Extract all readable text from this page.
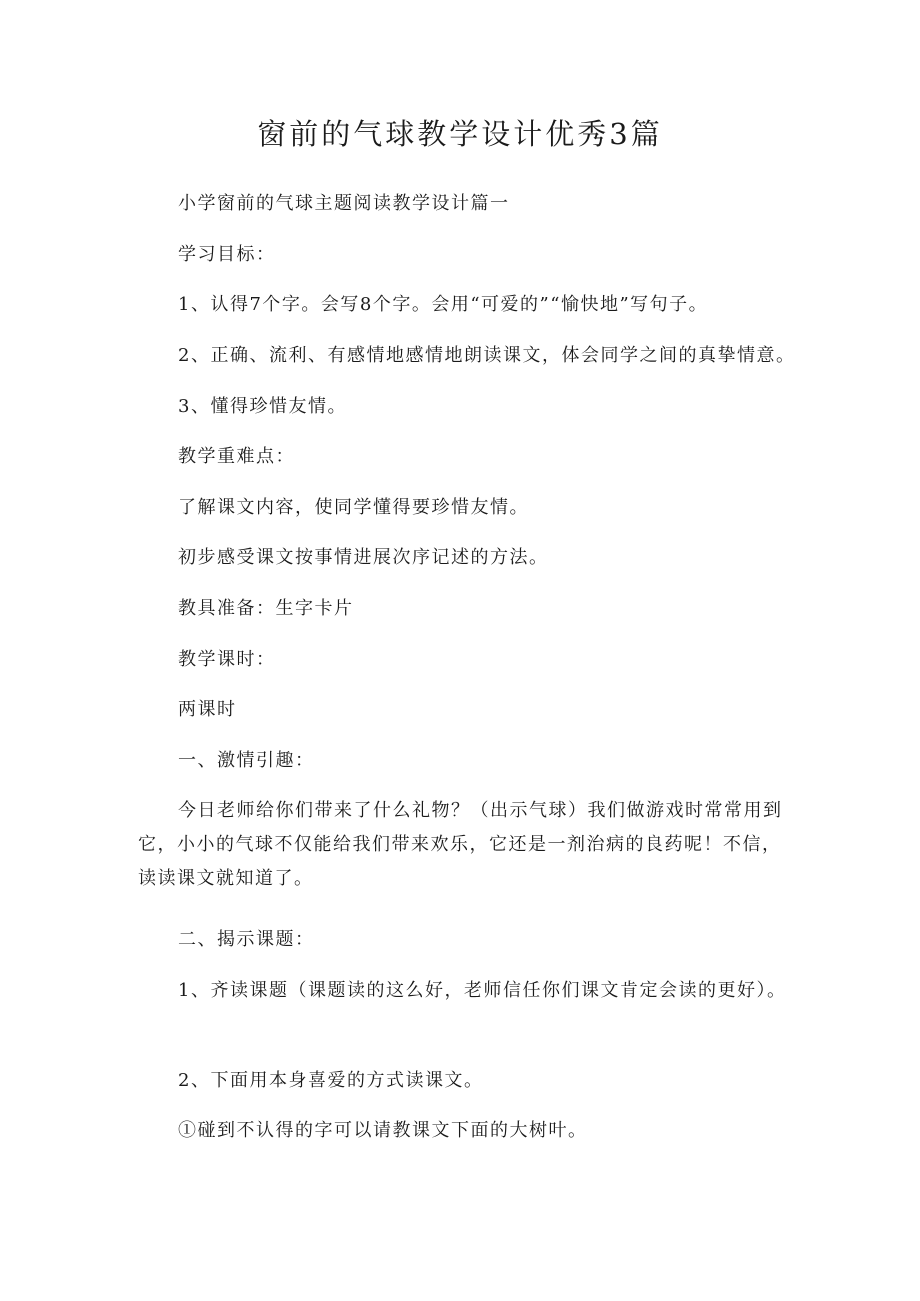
窗前的气球教学设计优秀3篇

小学窗前的气球主题阅读教学设计篇一

学习目标：

1、认得7个字。会写8个字。会用“可爱的”“愉快地”写句子。

2、正确、流利、有感情地感情地朗读课文，体会同学之间的真挚情意。

3、懂得珍惜友情。

教学重难点：

了解课文内容，使同学懂得要珍惜友情。

初步感受课文按事情进展次序记述的方法。

教具准备：生字卡片

教学课时：

两课时

一、激情引趣：

今日老师给你们带来了什么礼物？（出示气球）我们做游戏时常常用到它，小小的气球不仅能给我们带来欢乐，它还是一剂治病的良药呢！不信，读读课文就知道了。

二、揭示课题：

1、齐读课题（课题读的这么好，老师信任你们课文肯定会读的更好）。

2、下面用本身喜爱的方式读课文。

①碰到不认得的字可以请教课文下面的大树叶。
